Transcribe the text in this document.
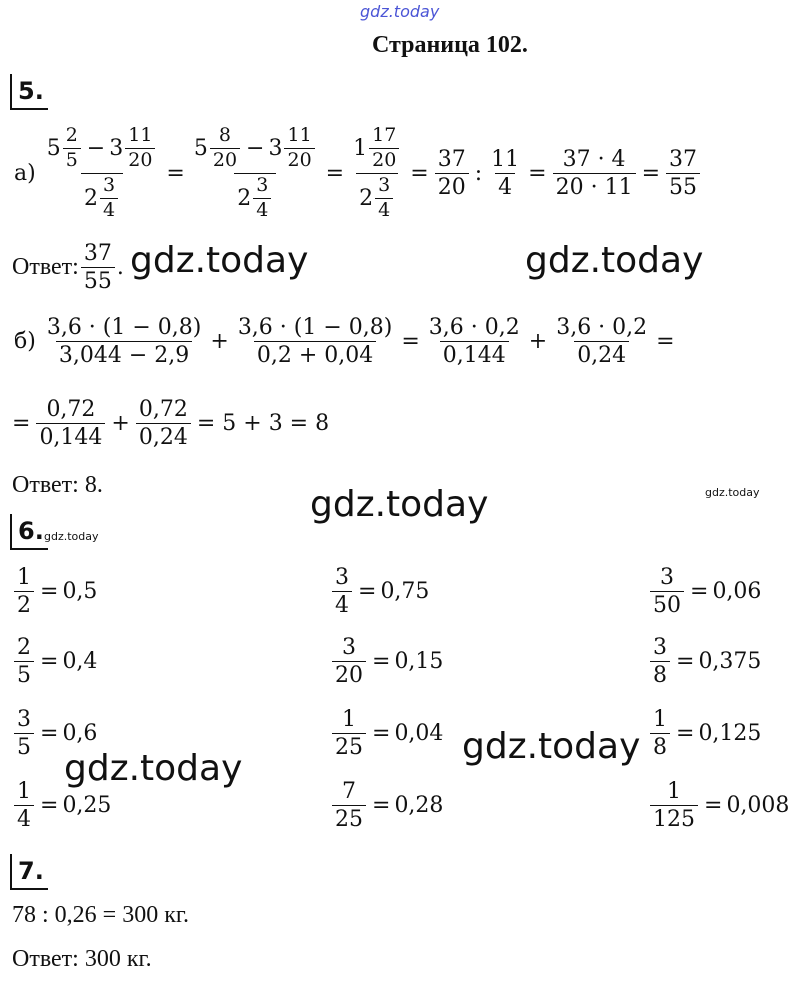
gdz.today
Страница 102.
5.
$а) \frac{5 \frac{2}{5} - 3 \frac{11}{20}}{2 \frac{3}{4}} = \frac{5 \frac{8}{20} - 3 \frac{11}{20}}{2 \frac{3}{4}} = \frac{1 \frac{17}{20}}{2 \frac{3}{4}} = \frac{37}{20}$ : $\frac{11}{4} = \frac{37 \cdot 4}{20 \cdot 11} = \frac{37}{55}$
Ответ: $\frac{37}{55}$ . gdz.today	gdz.today
$б) \frac{3,6 \cdot (1 - 0,8)}{3,044 - 2,9} + \frac{3,6 \cdot (1 - 0,8)}{0,2 + 0,04} = \frac{3,6 \cdot 0,2}{0,144} + \frac{3,6 \cdot 0,2}{0,24}$ =
= $\frac{0,72}{0,144} + \frac{0,72}{0,24} = 5 + 3 = 8$
Ответ: 8.	gdz.today	gdz.today
6. gdz.today
$\frac{1}{2} = 0,5$	$\frac{3}{4} = 0,75$	$\frac{3}{50} = 0,06$
$\frac{2}{5} = 0,4$	$\frac{3}{20} = 0,15$	$\frac{3}{8} = 0,375$
$\frac{3}{5} = 0,6$	$\frac{1}{25} = 0,04$	$\frac{1}{8} = 0,125$
$\frac{1}{4} = 0,25$	$\frac{7}{25} = 0,28$	$\frac{1}{125} = 0,008$
gdz.today
gdz.today
7.
78 : 0,26 = 300 кг.
Ответ: 300 кг.
